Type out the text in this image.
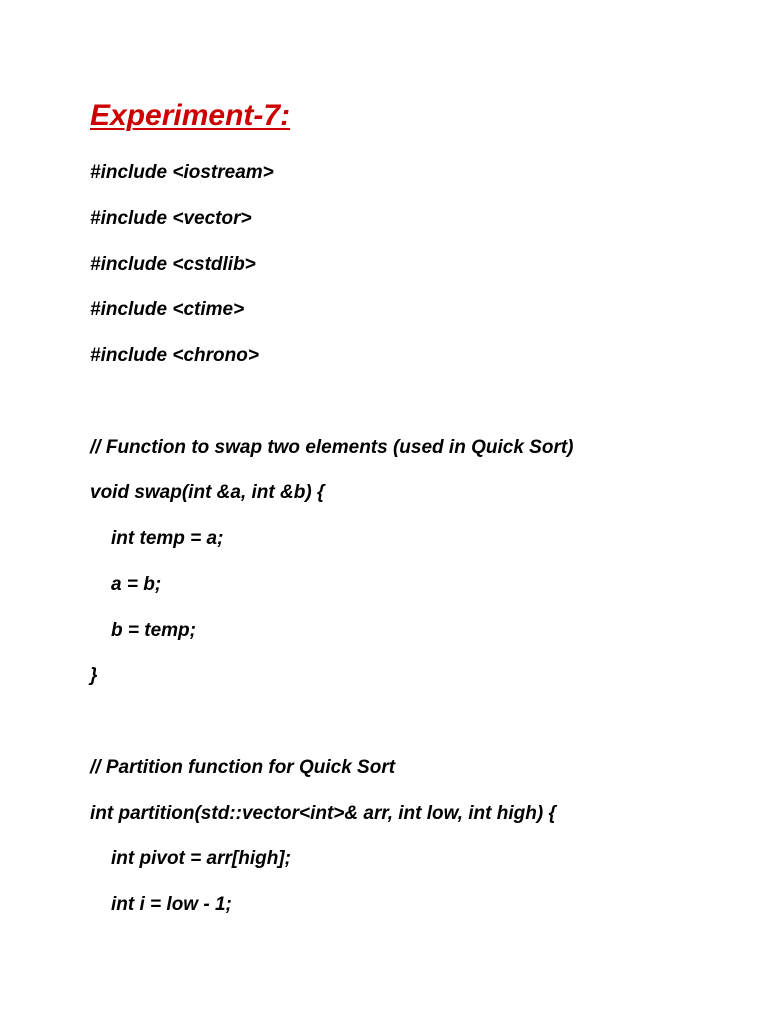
Experiment-7:
#include <iostream>
#include <vector>
#include <cstdlib>
#include <ctime>
#include <chrono>
// Function to swap two elements (used in Quick Sort)
void swap(int &a, int &b) {
int temp = a;
a = b;
b = temp;
}
// Partition function for Quick Sort
int partition(std::vector<int>& arr, int low, int high) {
int pivot = arr[high];
int i = low - 1;
